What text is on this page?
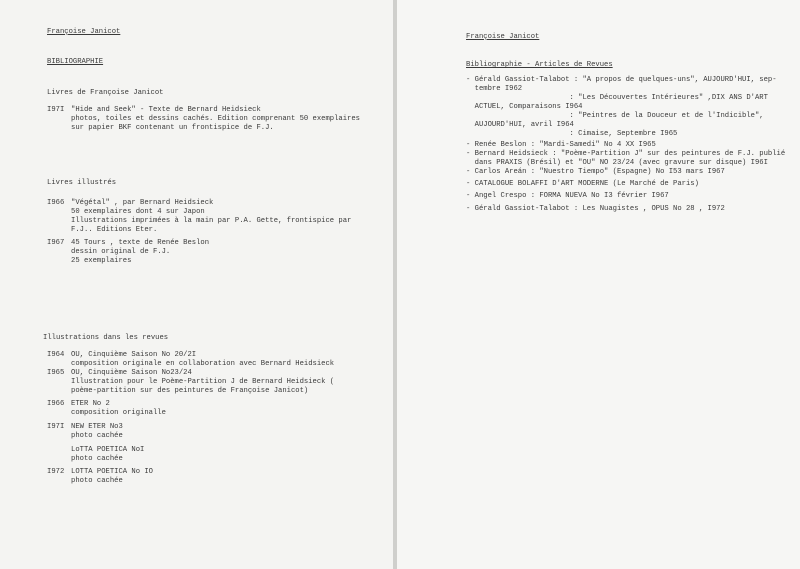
Françoise Janicot
BIBLIOGRAPHIE
Livres de Françoise Janicot
I97I "Hide and Seek" - Texte de Bernard Heidsieck
photos, toiles et dessins cachés. Edition comprenant 50 exemplaires
sur papier BKF contenant un frontispice de F.J.
Livres illustrés
I966 "Végétal" , par Bernard Heidsieck
50 exemplaires dont 4 sur Japon
Illustrations imprimées à la main par P.A. Gette, frontispice par
F.J.. Editions Eter.
I967 45 Tours , texte de Renée Beslon
dessin original de F.J.
25 exemplaires
Illustrations dans les revues
I964 OU, Cinquième Saison No 20/2I
composition originale en collaboration avec Bernard Heidsieck
I965 OU, Cinquième Saison No23/24
Illustration pour le Poème-Partition J de Bernard Heidsieck (
poème-partition sur des peintures de Françoise Janicot)
I966 ETER No 2
composition originalle
I97I NEW ETER No3
photo cachée
LoTTA POETICA NoI
photo cachée
I972 LOTTA POETICA No IO
photo cachée
Françoise Janicot
Bibliographie - Articles de Revues
- Gérald Gassiot-Talabot : "A propos de quelques-uns", AUJOURD'HUI, sep-
tembre I962
: "Les Découvertes Intérieures" ,DIX ANS D'ART
ACTUEL, Comparaisons I964
: "Peintres de la Douceur et de l'Indicible",
AUJOURD'HUI, avril I964
: Cimaise, Septembre I965
- Renée Beslon : "Mardi-Samedi" No 4 XX I965
- Bernard Heidsieck : "Poème-Partition J" sur des peintures de F.J. publié
dans PRAXIS (Brésil) et "OU" NO 23/24 (avec gravure sur disque) I96I
- Carlos Areán : "Nuestro Tiempo" (Espagne) No I53 mars I967
- CATALOGUE BOLAFFI D'ART MODERNE (Le Marché de Paris)
- Angel Crespo : FORMA NUEVA No I3 février I967
- Gérald Gassiot-Talabot : Les Nuagistes , OPUS No 28 , I972
